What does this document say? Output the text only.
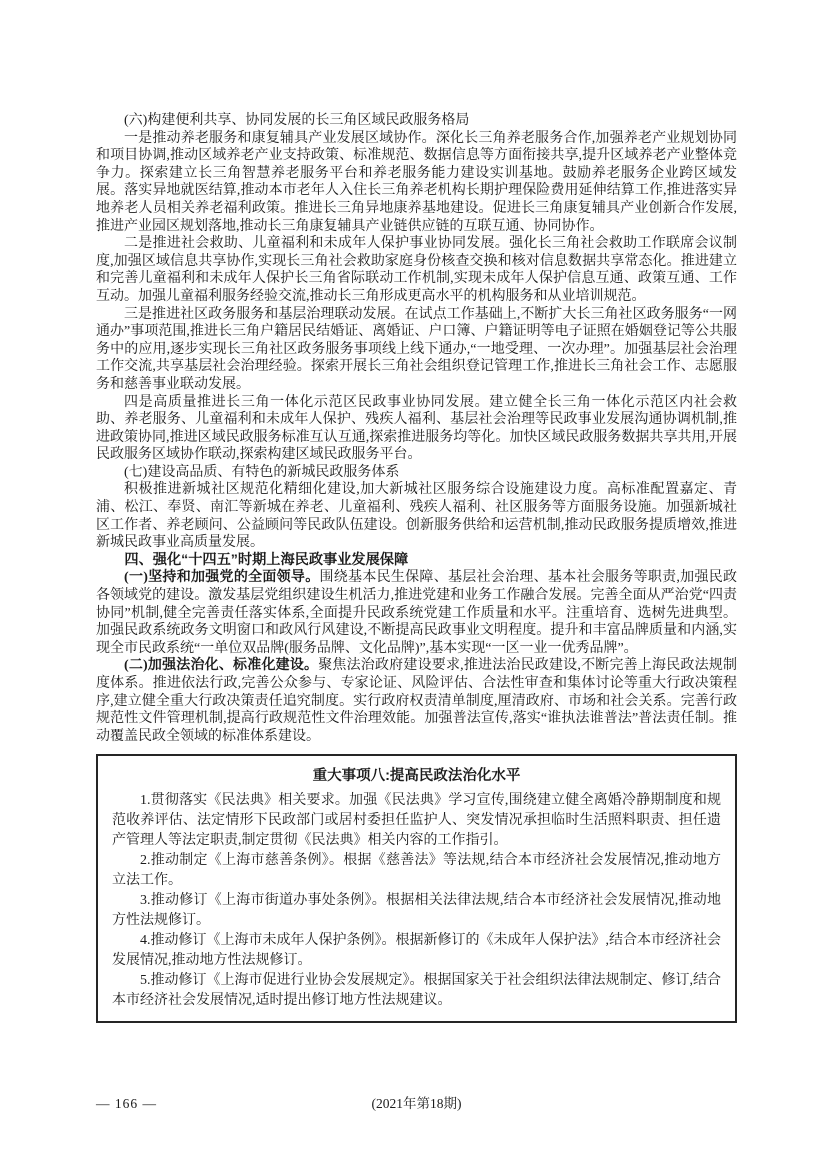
(六)构建便利共享、协同发展的长三角区域民政服务格局

一是推动养老服务和康复辅具产业发展区域协作。深化长三角养老服务合作,加强养老产业规划协同和项目协调,推动区域养老产业支持政策、标准规范、数据信息等方面衔接共享,提升区域养老产业整体竞争力。探索建立长三角智慧养老服务平台和养老服务能力建设实训基地。鼓励养老服务企业跨区域发展。落实异地就医结算,推动本市老年人入住长三角养老机构长期护理保险费用延伸结算工作,推进落实异地养老人员相关养老福利政策。推进长三角异地康养基地建设。促进长三角康复辅具产业创新合作发展,推进产业园区规划落地,推动长三角康复辅具产业链供应链的互联互通、协同协作。

二是推进社会救助、儿童福利和未成年人保护事业协同发展。强化长三角社会救助工作联席会议制度,加强区域信息共享协作,实现长三角社会救助家庭身份核查交换和核对信息数据共享常态化。推进建立和完善儿童福利和未成年人保护长三角省际联动工作机制,实现未成年人保护信息互通、政策互通、工作互动。加强儿童福利服务经验交流,推动长三角形成更高水平的机构服务和从业培训规范。

三是推进社区政务服务和基层治理联动发展。在试点工作基础上,不断扩大长三角社区政务服务“一网通办”事项范围,推进长三角户籍居民结婚证、离婚证、户口簿、户籍证明等电子证照在婚姻登记等公共服务中的应用,逐步实现长三角社区政务服务事项线上线下通办,“一地受理、一次办理”。加强基层社会治理工作交流,共享基层社会治理经验。探索开展长三角社会组织登记管理工作,推进长三角社会工作、志愿服务和慈善事业联动发展。

四是高质量推进长三角一体化示范区民政事业协同发展。建立健全长三角一体化示范区内社会救助、养老服务、儿童福利和未成年人保护、残疾人福利、基层社会治理等民政事业发展沟通协调机制,推进政策协同,推进区域民政服务标准互认互通,探索推进服务均等化。加快区域民政服务数据共享共用,开展民政服务区域协作联动,探索构建区域民政服务平台。

(七)建设高品质、有特色的新城民政服务体系

积极推进新城社区规范化精细化建设,加大新城社区服务综合设施建设力度。高标准配置嘉定、青浦、松江、奉贤、南汇等新城在养老、儿童福利、残疾人福利、社区服务等方面服务设施。加强新城社区工作者、养老顾问、公益顾问等民政队伍建设。创新服务供给和运营机制,推动民政服务提质增效,推进新城民政事业高质量发展。

四、强化“十四五”时期上海民政事业发展保障

(一)坚持和加强党的全面领导。围绕基本民生保障、基层社会治理、基本社会服务等职责,加强民政各领域党的建设。激发基层党组织建设生机活力,推进党建和业务工作融合发展。完善全面从严治党“四责协同”机制,健全完善责任落实体系,全面提升民政系统党建工作质量和水平。注重培育、选树先进典型。加强民政系统政务文明窗口和政风行风建设,不断提高民政事业文明程度。提升和丰富品牌质量和内涵,实现全市民政系统“一单位双品牌(服务品牌、文化品牌)”,基本实现“一区一业一优秀品牌”。

(二)加强法治化、标准化建设。聚焦法治政府建设要求,推进法治民政建设,不断完善上海民政法规制度体系。推进依法行政,完善公众参与、专家论证、风险评估、合法性审查和集体讨论等重大行政决策程序,建立健全重大行政决策责任追究制度。实行政府权责清单制度,厘清政府、市场和社会关系。完善行政规范性文件管理机制,提高行政规范性文件治理效能。加强普法宣传,落实“谁执法谁普法”普法责任制。推动覆盖民政全领域的标准体系建设。

重大事项八:提高民政法治化水平

1.贯彻落实《民法典》相关要求。加强《民法典》学习宣传,围绕建立健全离婚冷静期制度和规范收养评估、法定情形下民政部门或居村委担任监护人、突发情况承担临时生活照料职责、担任遗产管理人等法定职责,制定贯彻《民法典》相关内容的工作指引。

2.推动制定《上海市慈善条例》。根据《慈善法》等法规,结合本市经济社会发展情况,推动地方立法工作。

3.推动修订《上海市街道办事处条例》。根据相关法律法规,结合本市经济社会发展情况,推动地方性法规修订。

4.推动修订《上海市未成年人保护条例》。根据新修订的《未成年人保护法》,结合本市经济社会发展情况,推动地方性法规修订。

5.推动修订《上海市促进行业协会发展规定》。根据国家关于社会组织法律法规制定、修订,结合本市经济社会发展情况,适时提出修订地方性法规建议。

— 166 —	(2021年第18期)
